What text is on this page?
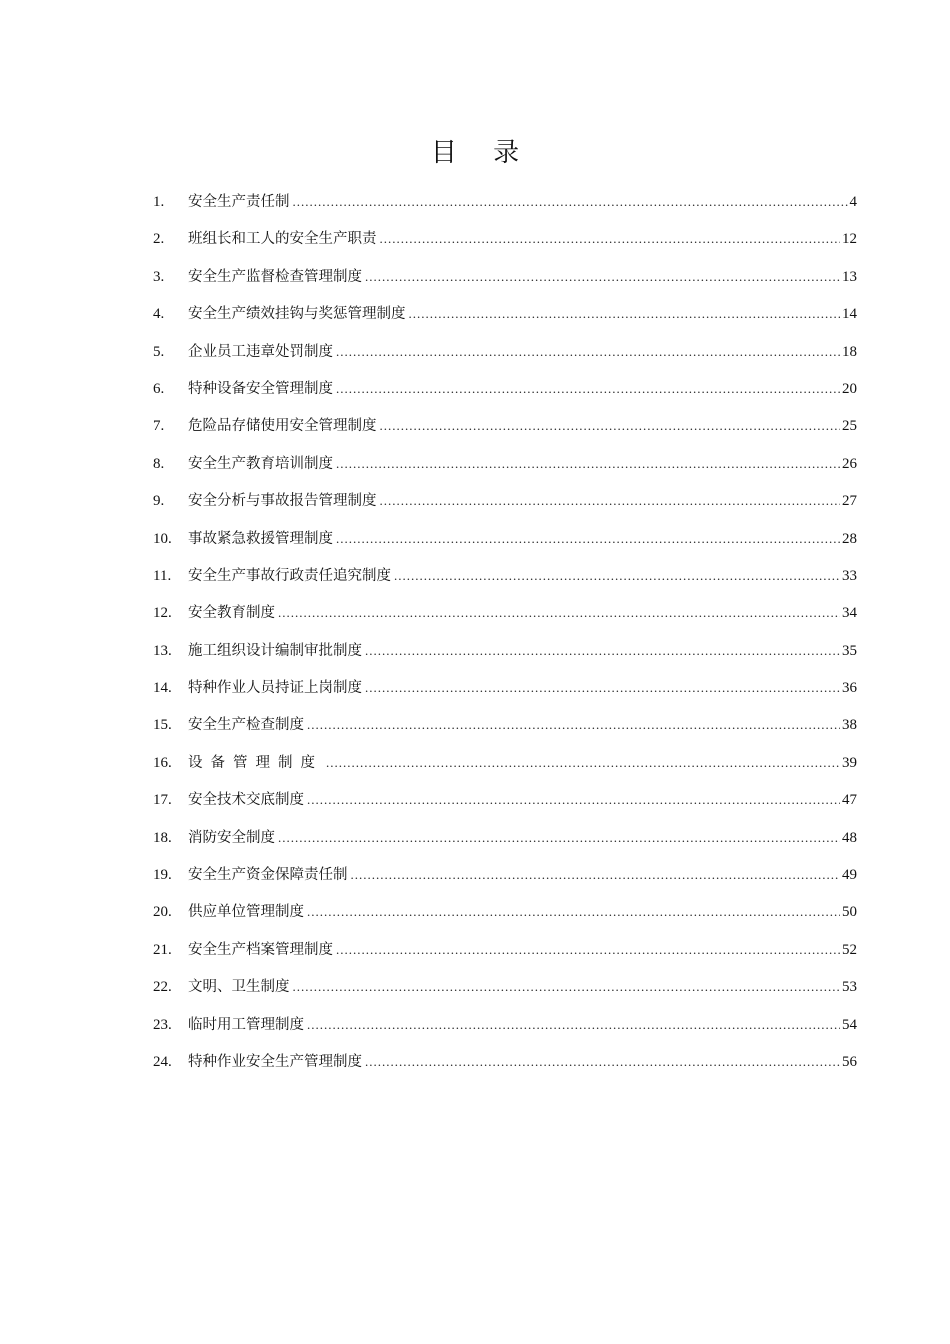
目 录
1.	安全生产责任制 .....	4
2.	班组长和工人的安全生产职责 .....	12
3.	安全生产监督检查管理制度 .....	13
4.	安全生产绩效挂钩与奖惩管理制度 .....	14
5.	企业员工违章处罚制度 .....	18
6.	特种设备安全管理制度 .....	20
7.	危险品存储使用安全管理制度 .....	25
8.	安全生产教育培训制度 .....	26
9.	安全分析与事故报告管理制度 .....	27
10.	事故紧急救援管理制度 .....	28
11.	安全生产事故行政责任追究制度 .....	33
12.	安全教育制度 .....	34
13.	施工组织设计编制审批制度 .....	35
14.	特种作业人员持证上岗制度 .....	36
15.	安全生产检查制度 .....	38
16.	设备管理制度 .....	39
17.	安全技术交底制度 .....	47
18.	消防安全制度 .....	48
19.	安全生产资金保障责任制 .....	49
20.	供应单位管理制度 .....	50
21.	安全生产档案管理制度 .....	52
22.	文明、卫生制度 .....	53
23.	临时用工管理制度 .....	54
24.	特种作业安全生产管理制度 .....	56
